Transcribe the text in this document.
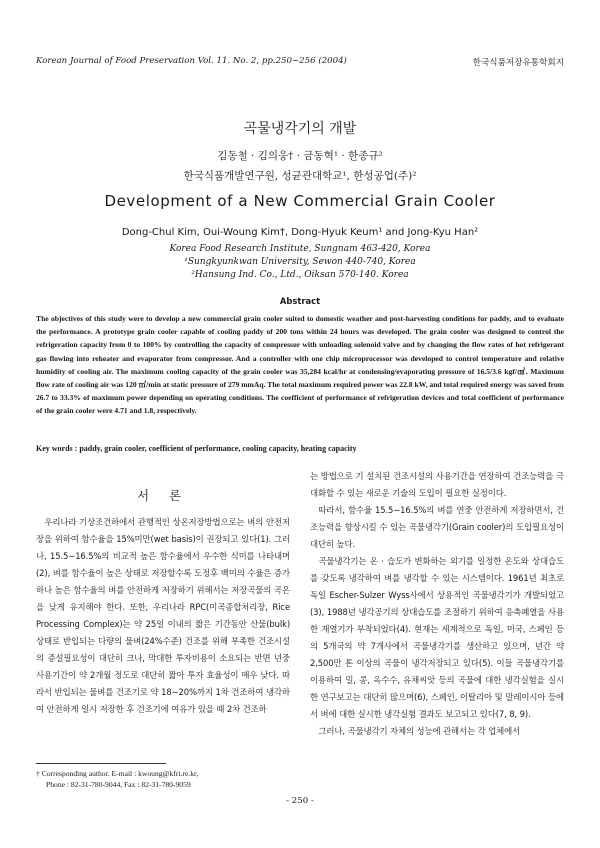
Korean Journal of Food Preservation Vol. 11. No. 2, pp.250~256 (2004)	한국식품저장유통학회지
곡물냉각기의 개발
김동철 · 김의웅† · 금동혁¹ · 한종규²
한국식품개발연구원, 성균관대학교¹, 한성공업(주)²
Development of a New Commercial Grain Cooler
Dong-Chul Kim, Oui-Woung Kim†, Dong-Hyuk Keum¹ and Jong-Kyu Han²
Korea Food Research Institute, Sungnam 463-420, Korea
¹Sungkyunkwan University, Sewon 440-740, Korea
²Hansung Ind. Co., Ltd., Oiksan 570-140. Korea
Abstract
The objectives of this study were to develop a new commercial grain cooler suited to domestic weather and post-harvesting conditions for paddy, and to evaluate the performance. A prototype grain cooler capable of cooling paddy of 200 tons within 24 hours was developed. The grain cooler was designed to control the refrigeration capacity from 0 to 100% by controlling the capacity of compressor with unloading solenoid valve and by changing the flow rates of hot refrigerant gas flowing into reheater and evaporator from compressor. And a controller with one chip microprocessor was developed to control temperature and relative humidity of cooling air. The maximum cooling capacity of the grain cooler was 35,284 kcal/hr at condensing/evaporating pressure of 16.5/3.6 kgf/㎠. Maximum flow rate of cooling air was 120 ㎥/min at static pressure of 279 mmAq. The total maximum required power was 22.8 kW, and total required energy was saved from 26.7 to 33.3% of maximum power depending on operating conditions. The coefficient of performance of refrigeration devices and total coefficient of performance of the grain cooler were 4.71 and 1.8, respectively.
Key words : paddy, grain cooler, coefficient of performance, cooling capacity, heating capacity
서 론

우리나라 기상조건하에서 관행적인 상온저장방법으로는 벼의 안전저장을 위하여 함수율을 15%미만(wet basis)이 권장되고 있다(1). 그러나, 15.5∼16.5%의 비교적 높은 함수율에서 우수한 식미를 나타내며(2), 벼를 함수율이 높은 상태로 저장할수록 도정후 백미의 수율은 증가하나 높은 함수율의 벼를 안전하게 저장하기 위해서는 저장곡물의 곡온을 낮게 유지해야 한다. 또한, 우리나라 RPC(미곡종합처리장, Rice Processing Complex)는 약 25일 이내의 짧은 기간동안 산물(bulk)상태로 반입되는 다량의 물벼(24%수준) 건조를 위해 부족한 건조시설의 증설필요성이 대단히 크나, 막대한 투자비용이 소요되는 반면 년중 사용기간이 약 2개월 정도로 대단히 짧아 투자 효율성이 매우 낮다. 따라서 반입되는 물벼를 건조기로 약 18∼20%까지 1차 건조하여 냉각하여 안전하게 일시 저장한 후 건조기에 여유가 있을 때 2차 건조하

는 방법으로 기 설치된 건조시설의 사용기간을 연장하여 건조능력을 극대화할 수 있는 새로운 기술의 도입이 필요한 실정이다.

따라서, 함수율 15.5∼16.5%의 벼를 연중 안전하게 저장하면서, 건조능력을 향상시킬 수 있는 곡물냉각기(Grain cooler)의 도입필요성이 대단히 높다.

곡물냉각기는 온 · 습도가 변화하는 외기를 일정한 온도와 상대습도를 갖도록 냉각하여 벼를 냉각할 수 있는 시스템이다. 1961년 최초로 독일 Escher-Sulzer Wyss사에서 상용적인 곡물냉각기가 개발되었고(3), 1988년 냉각공기의 상대습도를 조절하기 위하여 응축폐열을 사용한 재열기가 부착되었다(4). 현재는 세계적으로 독일, 미국, 스페인 등의 5개국의 약 7개사에서 곡물냉각기를 생산하고 있으며, 년간 약 2,500만 톤 이상의 곡물이 냉각저장되고 있다(5). 이들 곡물냉각기를 이용하여 밀, 콩, 옥수수, 유채씨앗 등의 곡물에 대한 냉각실험을 실시한 연구보고는 대단히 많으며(6), 스페인, 이탈리아 및 말레이시아 등에서 벼에 대한 실시한 냉각실험 결과도 보고되고 있다(7, 8, 9).

그러나, 곡물냉각기 자체의 성능에 관해서는 각 업체에서

† Corresponding author. E-mail : kwoung@kfri.re.kr,
Phone : 82-31-780-9044, Fax : 82-31-780-9059
- 250 -
